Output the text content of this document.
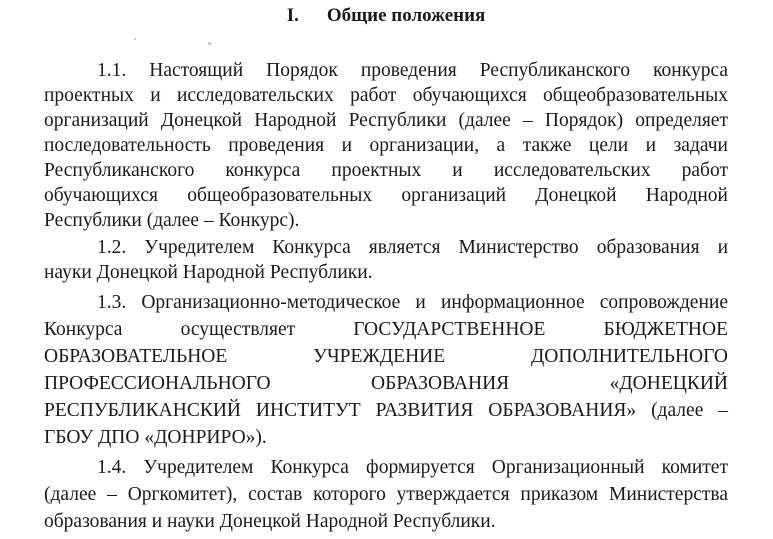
I. Общие положения
1.1. Настоящий Порядок проведения Республиканского конкурса
проектных и исследовательских работ обучающихся общеобразовательных
организаций Донецкой Народной Республики (далее – Порядок) определяет
последовательность проведения и организации, а также цели и задачи
Республиканского конкурса проектных и исследовательских работ
обучающихся общеобразовательных организаций Донецкой Народной
Республики (далее – Конкурс).
1.2. Учредителем Конкурса является Министерство образования и
науки Донецкой Народной Республики.
1.3. Организационно-методическое и информационное сопровождение
Конкурса осуществляет ГОСУДАРСТВЕННОЕ БЮДЖЕТНОЕ
ОБРАЗОВАТЕЛЬНОЕ УЧРЕЖДЕНИЕ ДОПОЛНИТЕЛЬНОГО
ПРОФЕССИОНАЛЬНОГО ОБРАЗОВАНИЯ «ДОНЕЦКИЙ
РЕСПУБЛИКАНСКИЙ ИНСТИТУТ РАЗВИТИЯ ОБРАЗОВАНИЯ» (далее –
ГБОУ ДПО «ДОНРИРО»).
1.4. Учредителем Конкурса формируется Организационный комитет
(далее – Оргкомитет), состав которого утверждается приказом Министерства
образования и науки Донецкой Народной Республики.
